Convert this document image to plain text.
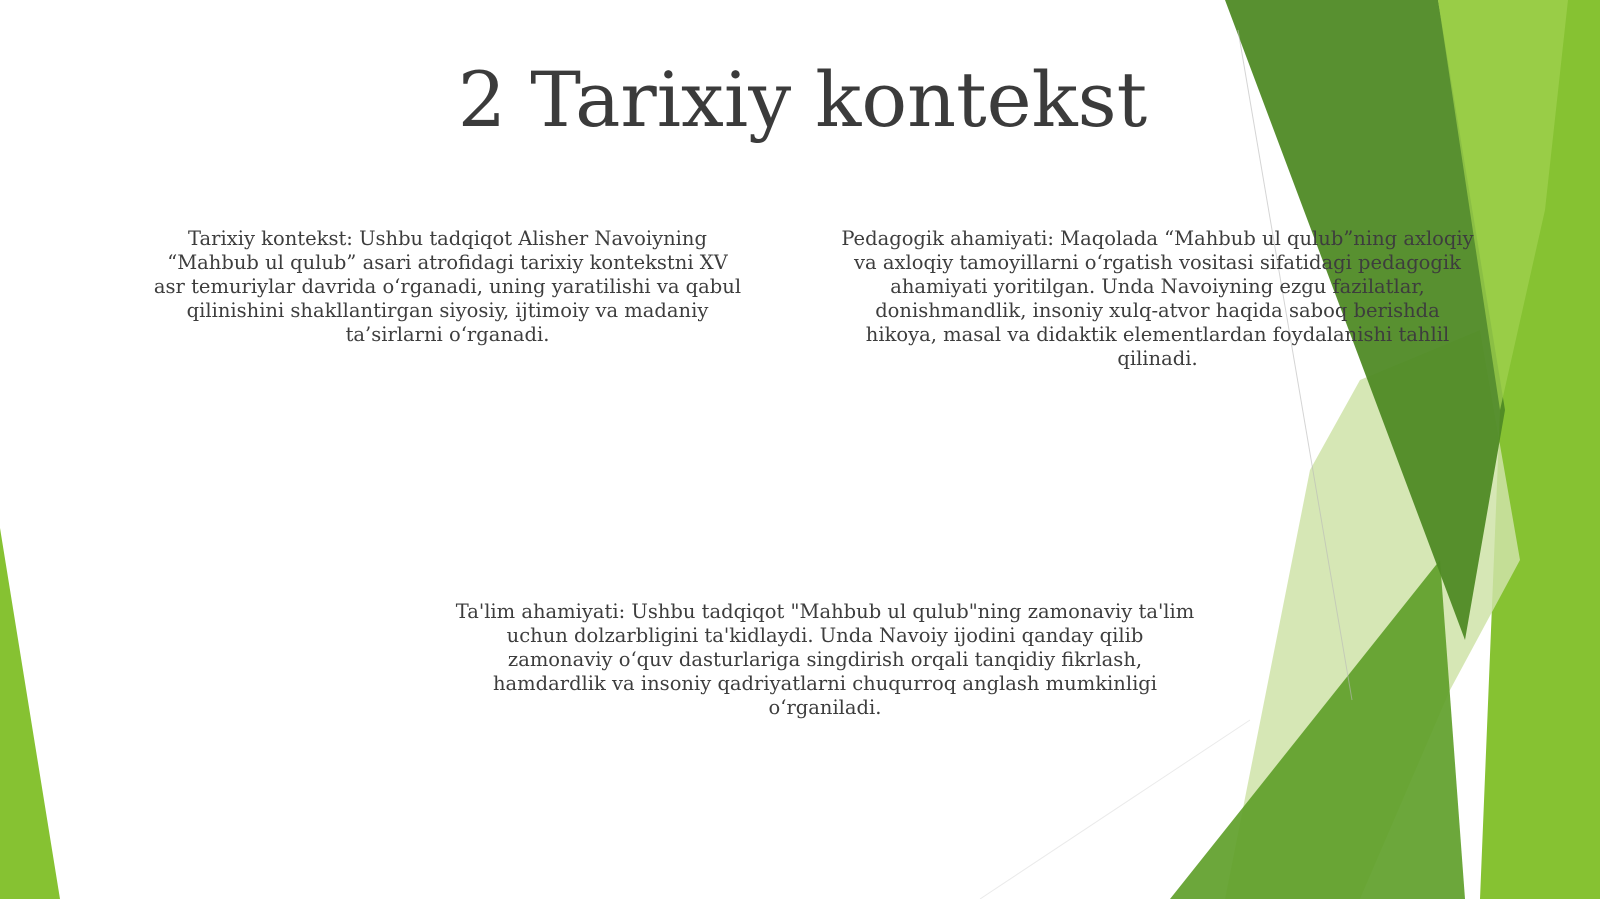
2 Tarixiy kontekst
Tarixiy kontekst: Ushbu tadqiqot Alisher Navoiyning “Mahbub ul qulub” asari atrofidagi tarixiy kontekstni XV asr temuriylar davrida o‘rganadi, uning yaratilishi va qabul qilinishini shakllantirgan siyosiy, ijtimoiy va madaniy ta’sirlarni o‘rganadi.
Pedagogik ahamiyati: Maqolada “Mahbub ul qulub”ning axloqiy va axloqiy tamoyillarni o‘rgatish vositasi sifatidagi pedagogik ahamiyati yoritilgan. Unda Navoiyning ezgu fazilatlar, donishmandlik, insoniy xulq-atvor haqida saboq berishda hikoya, masal va didaktik elementlardan foydalanishi tahlil qilinadi.
Ta'lim ahamiyati: Ushbu tadqiqot "Mahbub ul qulub"ning zamonaviy ta'lim uchun dolzarbligini ta'kidlaydi. Unda Navoiy ijodini qanday qilib zamonaviy o‘quv dasturlariga singdirish orqali tanqidiy fikrlash, hamdardlik va insoniy qadriyatlarni chuqurroq anglash mumkinligi o‘rganiladi.
